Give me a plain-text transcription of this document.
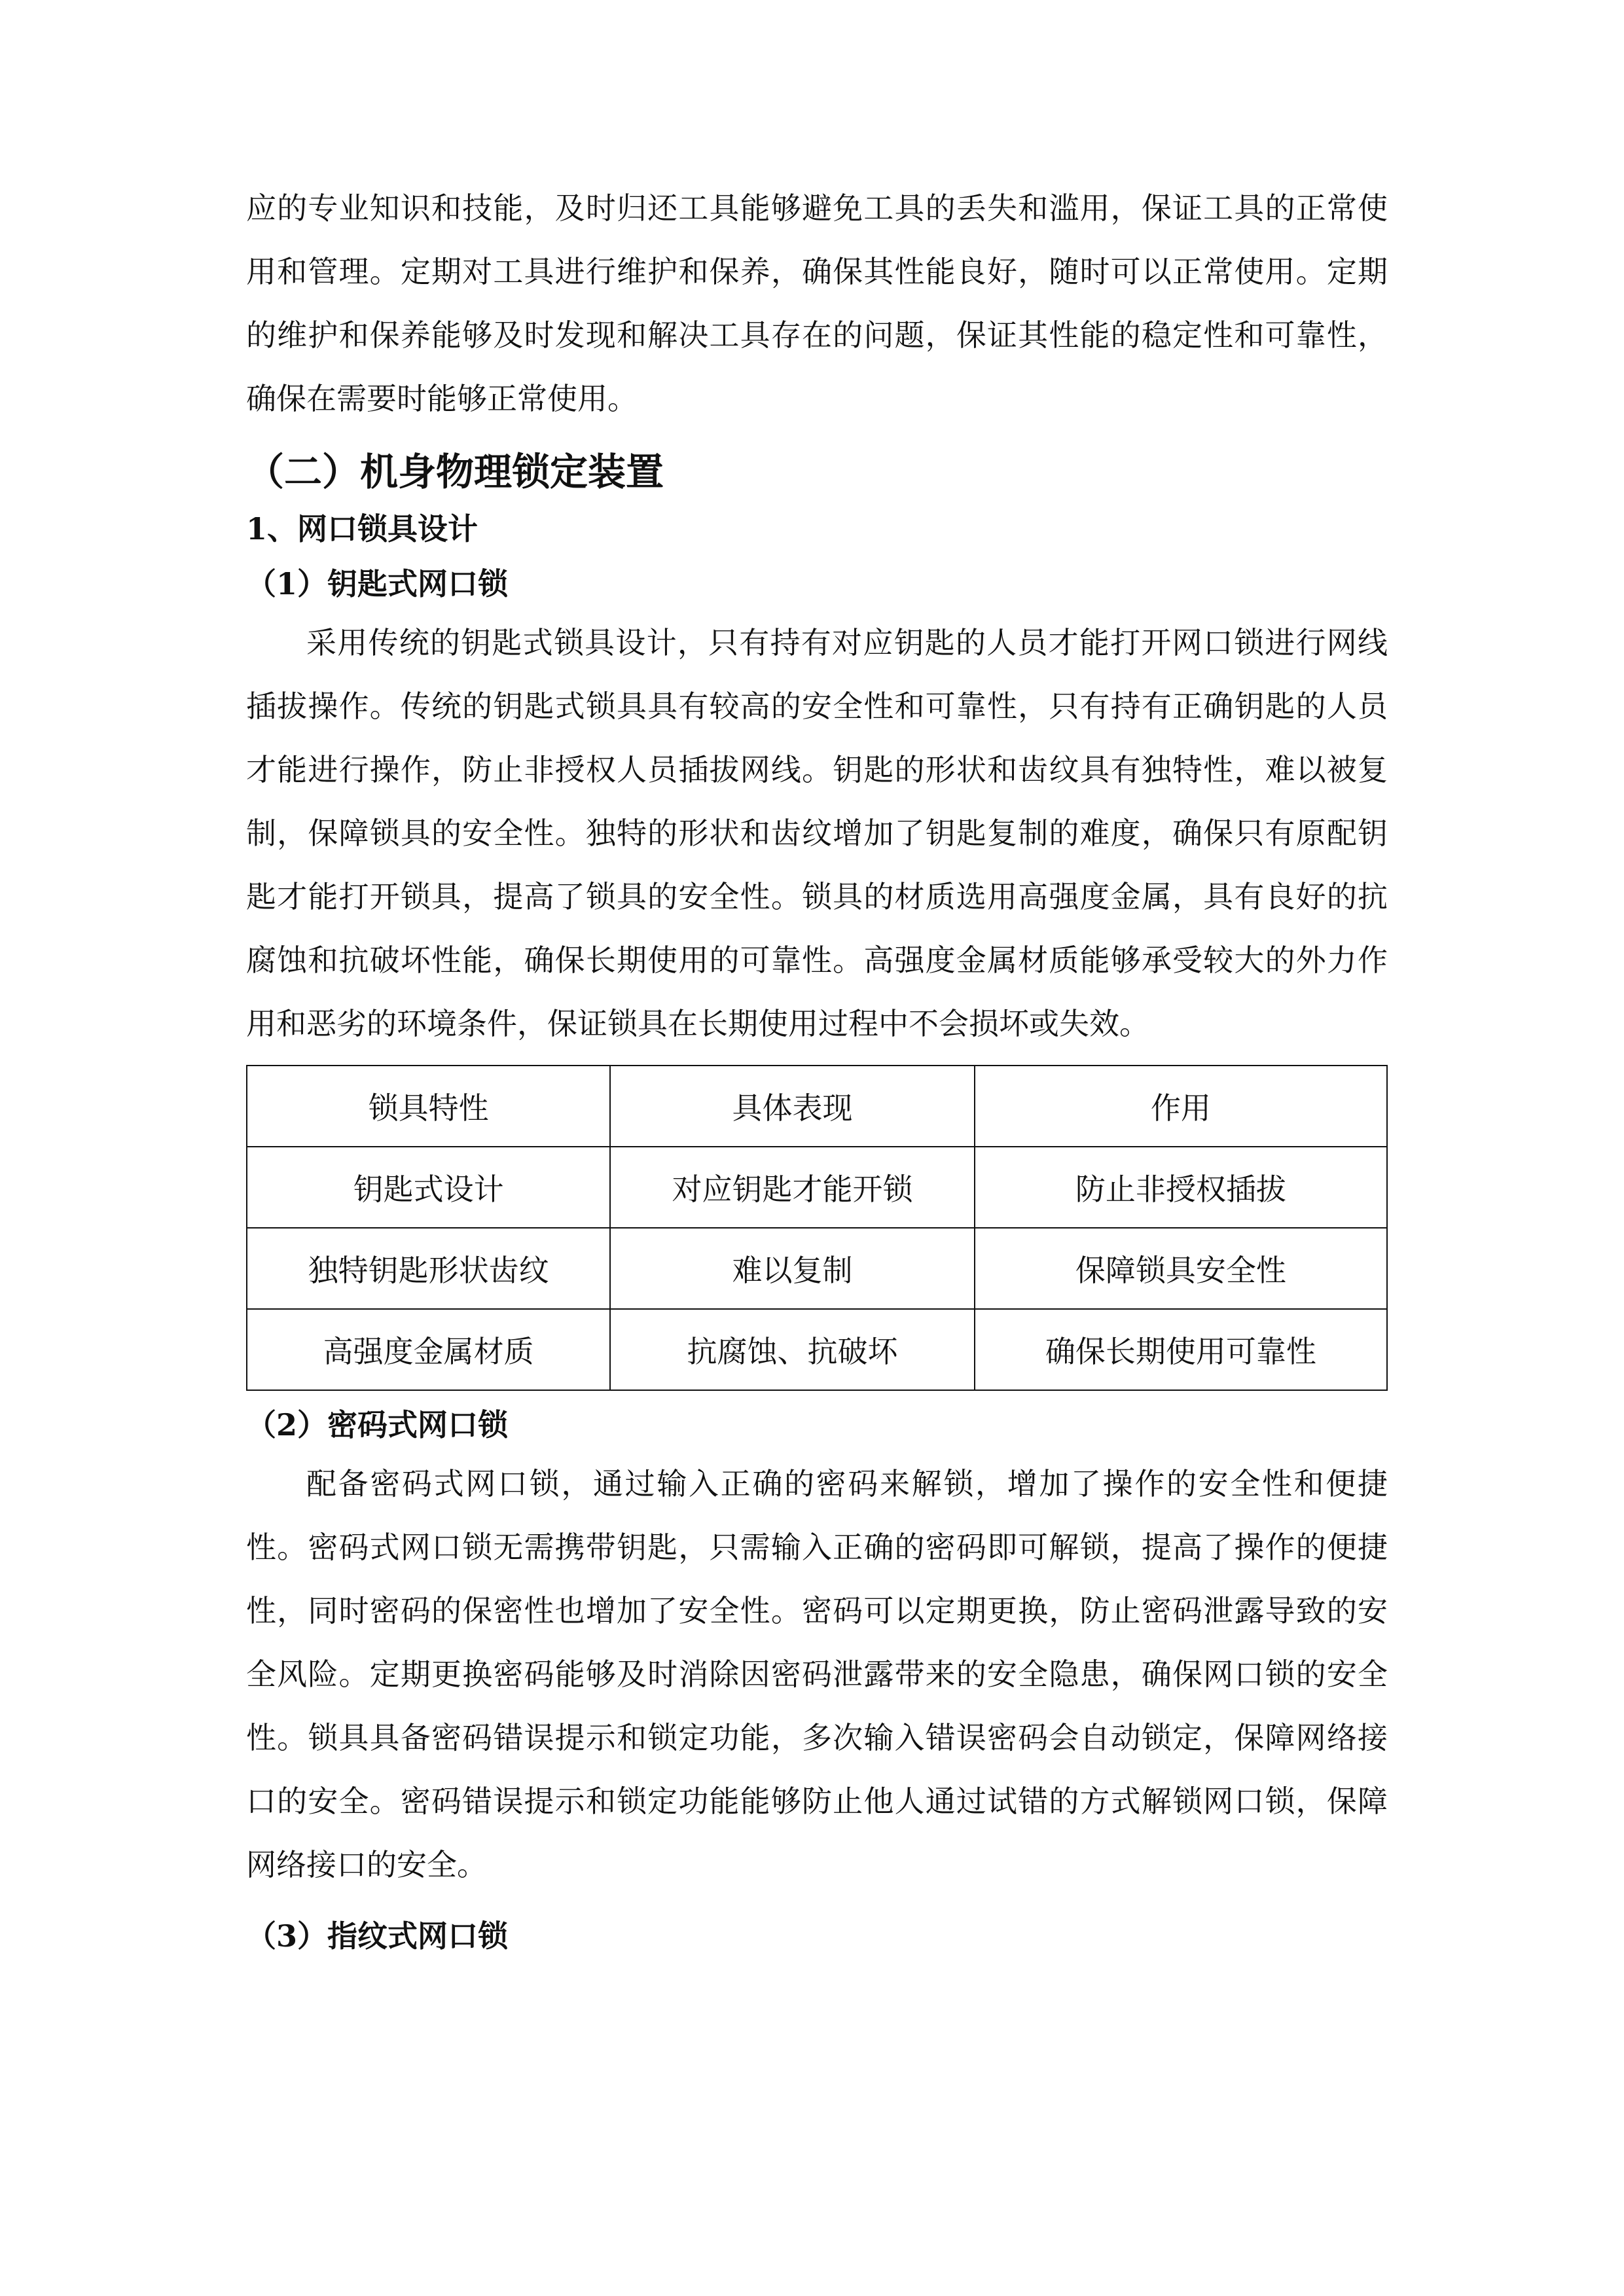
应的专业知识和技能，及时归还工具能够避免工具的丢失和滥用，保证工具的正常使用和管理。定期对工具进行维护和保养，确保其性能良好，随时可以正常使用。定期的维护和保养能够及时发现和解决工具存在的问题，保证其性能的稳定性和可靠性，确保在需要时能够正常使用。

（二）机身物理锁定装置
1、网口锁具设计
（1）钥匙式网口锁

采用传统的钥匙式锁具设计，只有持有对应钥匙的人员才能打开网口锁进行网线插拔操作。传统的钥匙式锁具具有较高的安全性和可靠性，只有持有正确钥匙的人员才能进行操作，防止非授权人员插拔网线。钥匙的形状和齿纹具有独特性，难以被复制，保障锁具的安全性。独特的形状和齿纹增加了钥匙复制的难度，确保只有原配钥匙才能打开锁具，提高了锁具的安全性。锁具的材质选用高强度金属，具有良好的抗腐蚀和抗破坏性能，确保长期使用的可靠性。高强度金属材质能够承受较大的外力作用和恶劣的环境条件，保证锁具在长期使用过程中不会损坏或失效。

锁具特性	具体表现	作用
钥匙式设计	对应钥匙才能开锁	防止非授权插拔
独特钥匙形状齿纹	难以复制	保障锁具安全性
高强度金属材质	抗腐蚀、抗破坏	确保长期使用可靠性
（2）密码式网口锁

配备密码式网口锁，通过输入正确的密码来解锁，增加了操作的安全性和便捷性。密码式网口锁无需携带钥匙，只需输入正确的密码即可解锁，提高了操作的便捷性，同时密码的保密性也增加了安全性。密码可以定期更换，防止密码泄露导致的安全风险。定期更换密码能够及时消除因密码泄露带来的安全隐患，确保网口锁的安全性。锁具具备密码错误提示和锁定功能，多次输入错误密码会自动锁定，保障网络接口的安全。密码错误提示和锁定功能能够防止他人通过试错的方式解锁网口锁，保障网络接口的安全。

（3）指纹式网口锁
